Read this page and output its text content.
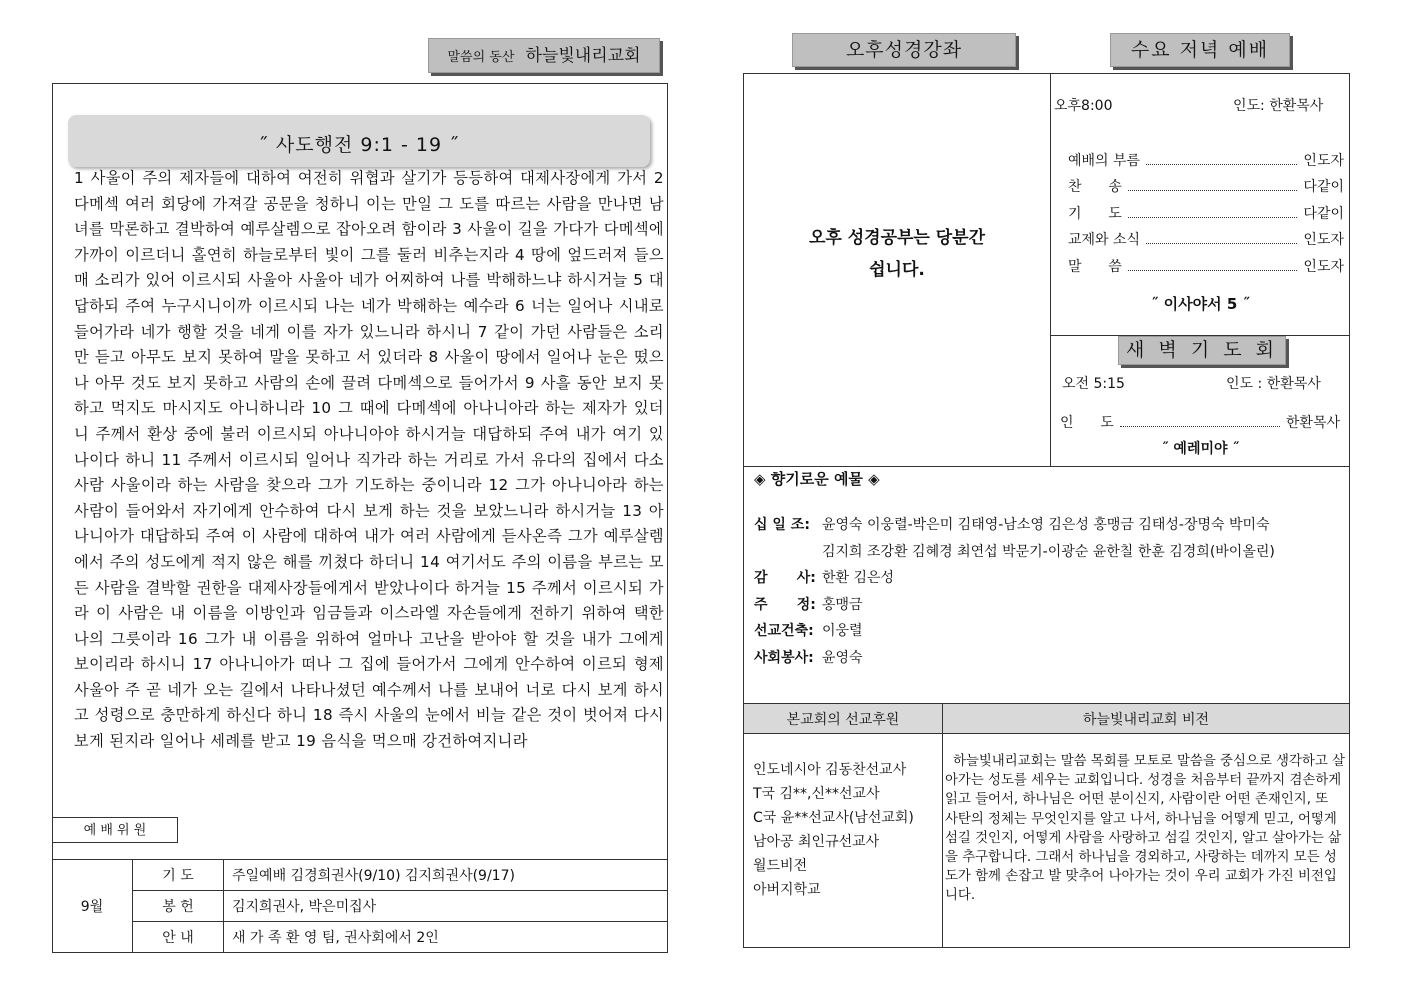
말씀의 동산 하늘빛내리교회
˝ 사도행전 9:1 - 19 ˝
1 사울이 주의 제자들에 대하여 여전히 위협과 살기가 등등하여 대제사장에게 가서 2 다메섹 여러 회당에 가져갈 공문을 청하니 이는 만일 그 도를 따르는 사람을 만나면 남녀를 막론하고 결박하여 예루살렘으로 잡아오려 함이라 3 사울이 길을 가다가 다메섹에 가까이 이르더니 홀연히 하늘로부터 빛이 그를 둘러 비추는지라 4 땅에 엎드러져 들으매 소리가 있어 이르시되 사울아 사울아 네가 어찌하여 나를 박해하느냐 하시거늘 5 대답하되 주여 누구시니이까 이르시되 나는 네가 박해하는 예수라 6 너는 일어나 시내로 들어가라 네가 행할 것을 네게 이를 자가 있느니라 하시니 7 같이 가던 사람들은 소리만 듣고 아무도 보지 못하여 말을 못하고 서 있더라 8 사울이 땅에서 일어나 눈은 떴으나 아무 것도 보지 못하고 사람의 손에 끌려 다메섹으로 들어가서 9 사흘 동안 보지 못하고 먹지도 마시지도 아니하니라 10 그 때에 다메섹에 아나니아라 하는 제자가 있더니 주께서 환상 중에 불러 이르시되 아나니아야 하시거늘 대답하되 주여 내가 여기 있나이다 하니 11 주께서 이르시되 일어나 직가라 하는 거리로 가서 유다의 집에서 다소 사람 사울이라 하는 사람을 찾으라 그가 기도하는 중이니라 12 그가 아나니아라 하는 사람이 들어와서 자기에게 안수하여 다시 보게 하는 것을 보았느니라 하시거늘 13 아나니아가 대답하되 주여 이 사람에 대하여 내가 여러 사람에게 듣사온즉 그가 예루살렘에서 주의 성도에게 적지 않은 해를 끼쳤다 하더니 14 여기서도 주의 이름을 부르는 모든 사람을 결박할 권한을 대제사장들에게서 받았나이다 하거늘 15 주께서 이르시되 가라 이 사람은 내 이름을 이방인과 임금들과 이스라엘 자손들에게 전하기 위하여 택한 나의 그릇이라 16 그가 내 이름을 위하여 얼마나 고난을 받아야 할 것을 내가 그에게 보이리라 하시니 17 아나니아가 떠나 그 집에 들어가서 그에게 안수하여 이르되 형제 사울아 주 곧 네가 오는 길에서 나타나셨던 예수께서 나를 보내어 너로 다시 보게 하시고 성령으로 충만하게 하신다 하니 18 즉시 사울의 눈에서 비늘 같은 것이 벗어져 다시 보게 된지라 일어나 세례를 받고 19 음식을 먹으매 강건하여지니라
예 배 위 원
9월	기 도	주일예배 김경희권사(9/10) 김지희권사(9/17)
	봉 헌	김지희권사, 박은미집사
	안 내	새 가 족 환 영 팀, 권사회에서 2인
오후성경강좌	수요 저녁 예배
오후 성경공부는 당분간
쉽니다.
오후8:00	인도: 한환목사
예배의 부름	인도자
찬      송	다같이
기      도	다같이
교제와 소식	인도자
말      씀	인도자
˝ 이사야서 5 ˝
새 벽 기 도 회
오전 5:15	인도 : 한환목사
인      도	한환목사
˝ 예레미야 ˝
◈ 향기로운 예물 ◈
십 일 조: 윤영숙 이웅렬-박은미 김태영-남소영 김은성 홍맹금 김태성-장명숙 박미숙
김지희 조강환 김혜경 최연섭 박문기-이광순 윤한칠 한훈 김경희(바이올린)
감      사: 한환 김은성
주      정: 홍맹금
선교건축: 이웅렬
사회봉사: 윤영숙
본교회의 선교후원	하늘빛내리교회 비전
인도네시아 김동찬선교사
T국 김**,신**선교사
C국 윤**선교사(남선교회)
남아공 최인규선교사
월드비전
아버지학교
하늘빛내리교회는 말씀 목회를 모토로 말씀을 중심으로 생각하고 살아가는 성도를 세우는 교회입니다. 성경을 처음부터 끝까지 겸손하게 읽고 들어서, 하나님은 어떤 분이신지, 사람이란 어떤 존재인지, 또 사탄의 정체는 무엇인지를 알고 나서, 하나님을 어떻게 믿고, 어떻게 섬길 것인지, 어떻게 사람을 사랑하고 섬길 것인지, 알고 살아가는 삶을 추구합니다. 그래서 하나님을 경외하고, 사랑하는 데까지 모든 성도가 함께 손잡고 발 맞추어 나아가는 것이 우리 교회가 가진 비전입니다.
